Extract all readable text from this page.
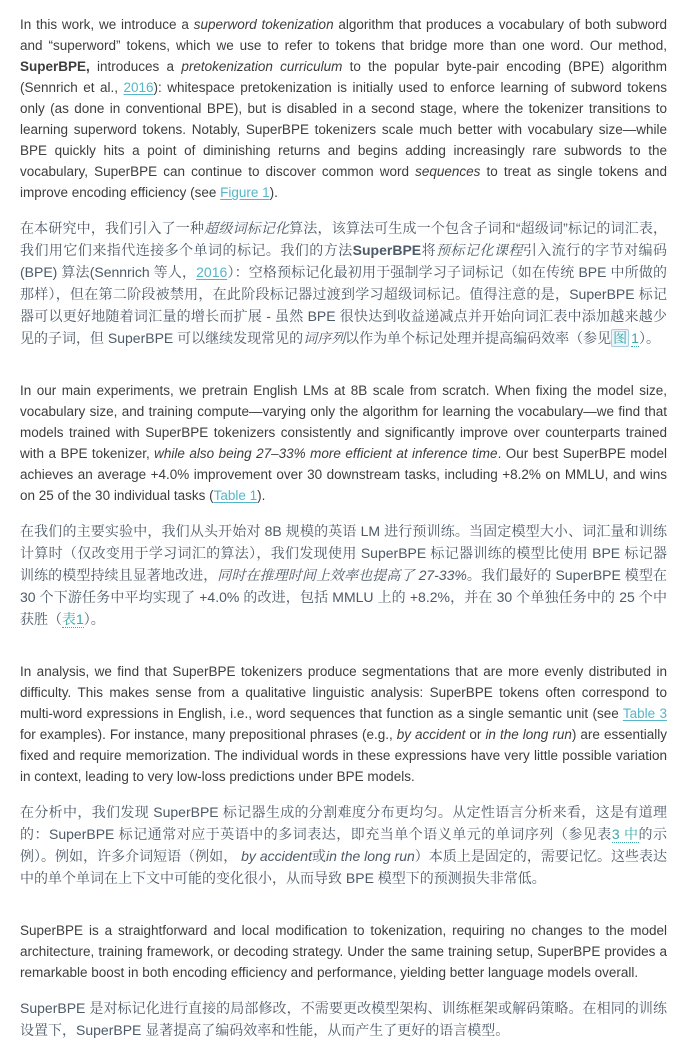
In this work, we introduce a superword tokenization algorithm that produces a vocabulary of both subword and “superword” tokens, which we use to refer to tokens that bridge more than one word. Our method, SuperBPE, introduces a pretokenization curriculum to the popular byte-pair encoding (BPE) algorithm (Sennrich et al., 2016): whitespace pretokenization is initially used to enforce learning of subword tokens only (as done in conventional BPE), but is disabled in a second stage, where the tokenizer transitions to learning superword tokens. Notably, SuperBPE tokenizers scale much better with vocabulary size—while BPE quickly hits a point of diminishing returns and begins adding increasingly rare subwords to the vocabulary, SuperBPE can continue to discover common word sequences to treat as single tokens and improve encoding efficiency (see Figure 1).

在本研究中，我们引入了一种超级词标记化算法，该算法可生成一个包含子词和“超级词”标记的词汇表，我们用它们来指代连接多个单词的标记。我们的方法SuperBPE将预标记化课程引入流行的字节对编码 (BPE) 算法(Sennrich 等人，2016）：空格预标记化最初用于强制学习子词标记（如在传统 BPE 中所做的那样），但在第二阶段被禁用，在此阶段标记器过渡到学习超级词标记。值得注意的是，SuperBPE 标记器可以更好地随着词汇量的增长而扩展 - 虽然 BPE 很快达到收益递减点并开始向词汇表中添加越来越少见的子词，但 SuperBPE 可以继续发现常见的词序列以作为单个标记处理并提高编码效率（参见 图 1）。

In our main experiments, we pretrain English LMs at 8B scale from scratch. When fixing the model size, vocabulary size, and training compute—varying only the algorithm for learning the vocabulary—we find that models trained with SuperBPE tokenizers consistently and significantly improve over counterparts trained with a BPE tokenizer, while also being 27–33% more efficient at inference time. Our best SuperBPE model achieves an average +4.0% improvement over 30 downstream tasks, including +8.2% on MMLU, and wins on 25 of the 30 individual tasks (Table 1).

在我们的主要实验中，我们从头开始对 8B 规模的英语 LM 进行预训练。当固定模型大小、词汇量和训练计算时（仅改变用于学习词汇的算法），我们发现使用 SuperBPE 标记器训练的模型比使用 BPE 标记器训练的模型持续且显著地改进，同时在推理时间上效率也提高了 27-33%。我们最好的 SuperBPE 模型在 30 个下游任务中平均实现了 +4.0% 的改进，包括 MMLU 上的 +8.2%，并在 30 个单独任务中的 25 个中获胜（表1）。

In analysis, we find that SuperBPE tokenizers produce segmentations that are more evenly distributed in difficulty. This makes sense from a qualitative linguistic analysis: SuperBPE tokens often correspond to multi-word expressions in English, i.e., word sequences that function as a single semantic unit (see Table 3 for examples). For instance, many prepositional phrases (e.g., by accident or in the long run) are essentially fixed and require memorization. The individual words in these expressions have very little possible variation in context, leading to very low-loss predictions under BPE models.

在分析中，我们发现 SuperBPE 标记器生成的分割难度分布更均匀。从定性语言分析来看，这是有道理的：SuperBPE 标记通常对应于英语中的多词表达，即充当单个语义单元的单词序列（参见表3 中的示例）。例如，许多介词短语（例如， by accident或in the long run）本质上是固定的，需要记忆。这些表达中的单个单词在上下文中可能的变化很小，从而导致 BPE 模型下的预测损失非常低。

SuperBPE is a straightforward and local modification to tokenization, requiring no changes to the model architecture, training framework, or decoding strategy. Under the same training setup, SuperBPE provides a remarkable boost in both encoding efficiency and performance, yielding better language models overall.

SuperBPE 是对标记化进行直接的局部修改，不需要更改模型架构、训练框架或解码策略。在相同的训练设置下，SuperBPE 显著提高了编码效率和性能，从而产生了更好的语言模型。
